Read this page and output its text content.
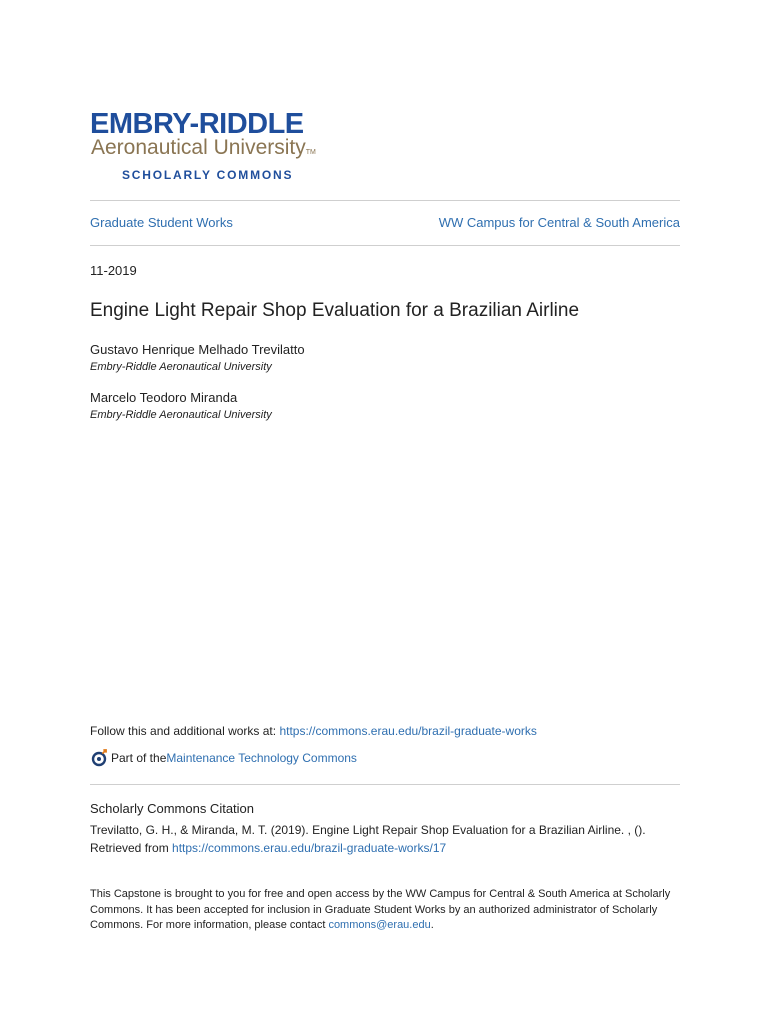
EMBRY-RIDDLE
Aeronautical UniversityTM
SCHOLARLY COMMONS
Graduate Student Works	WW Campus for Central & South America
11-2019
Engine Light Repair Shop Evaluation for a Brazilian Airline
Gustavo Henrique Melhado Trevilatto
Embry-Riddle Aeronautical University
Marcelo Teodoro Miranda
Embry-Riddle Aeronautical University
Follow this and additional works at: https://commons.erau.edu/brazil-graduate-works
Part of the Maintenance Technology Commons
Scholarly Commons Citation
Trevilatto, G. H., & Miranda, M. T. (2019). Engine Light Repair Shop Evaluation for a Brazilian Airline. , ().
Retrieved from https://commons.erau.edu/brazil-graduate-works/17
This Capstone is brought to you for free and open access by the WW Campus for Central & South America at Scholarly Commons. It has been accepted for inclusion in Graduate Student Works by an authorized administrator of Scholarly Commons. For more information, please contact commons@erau.edu.
